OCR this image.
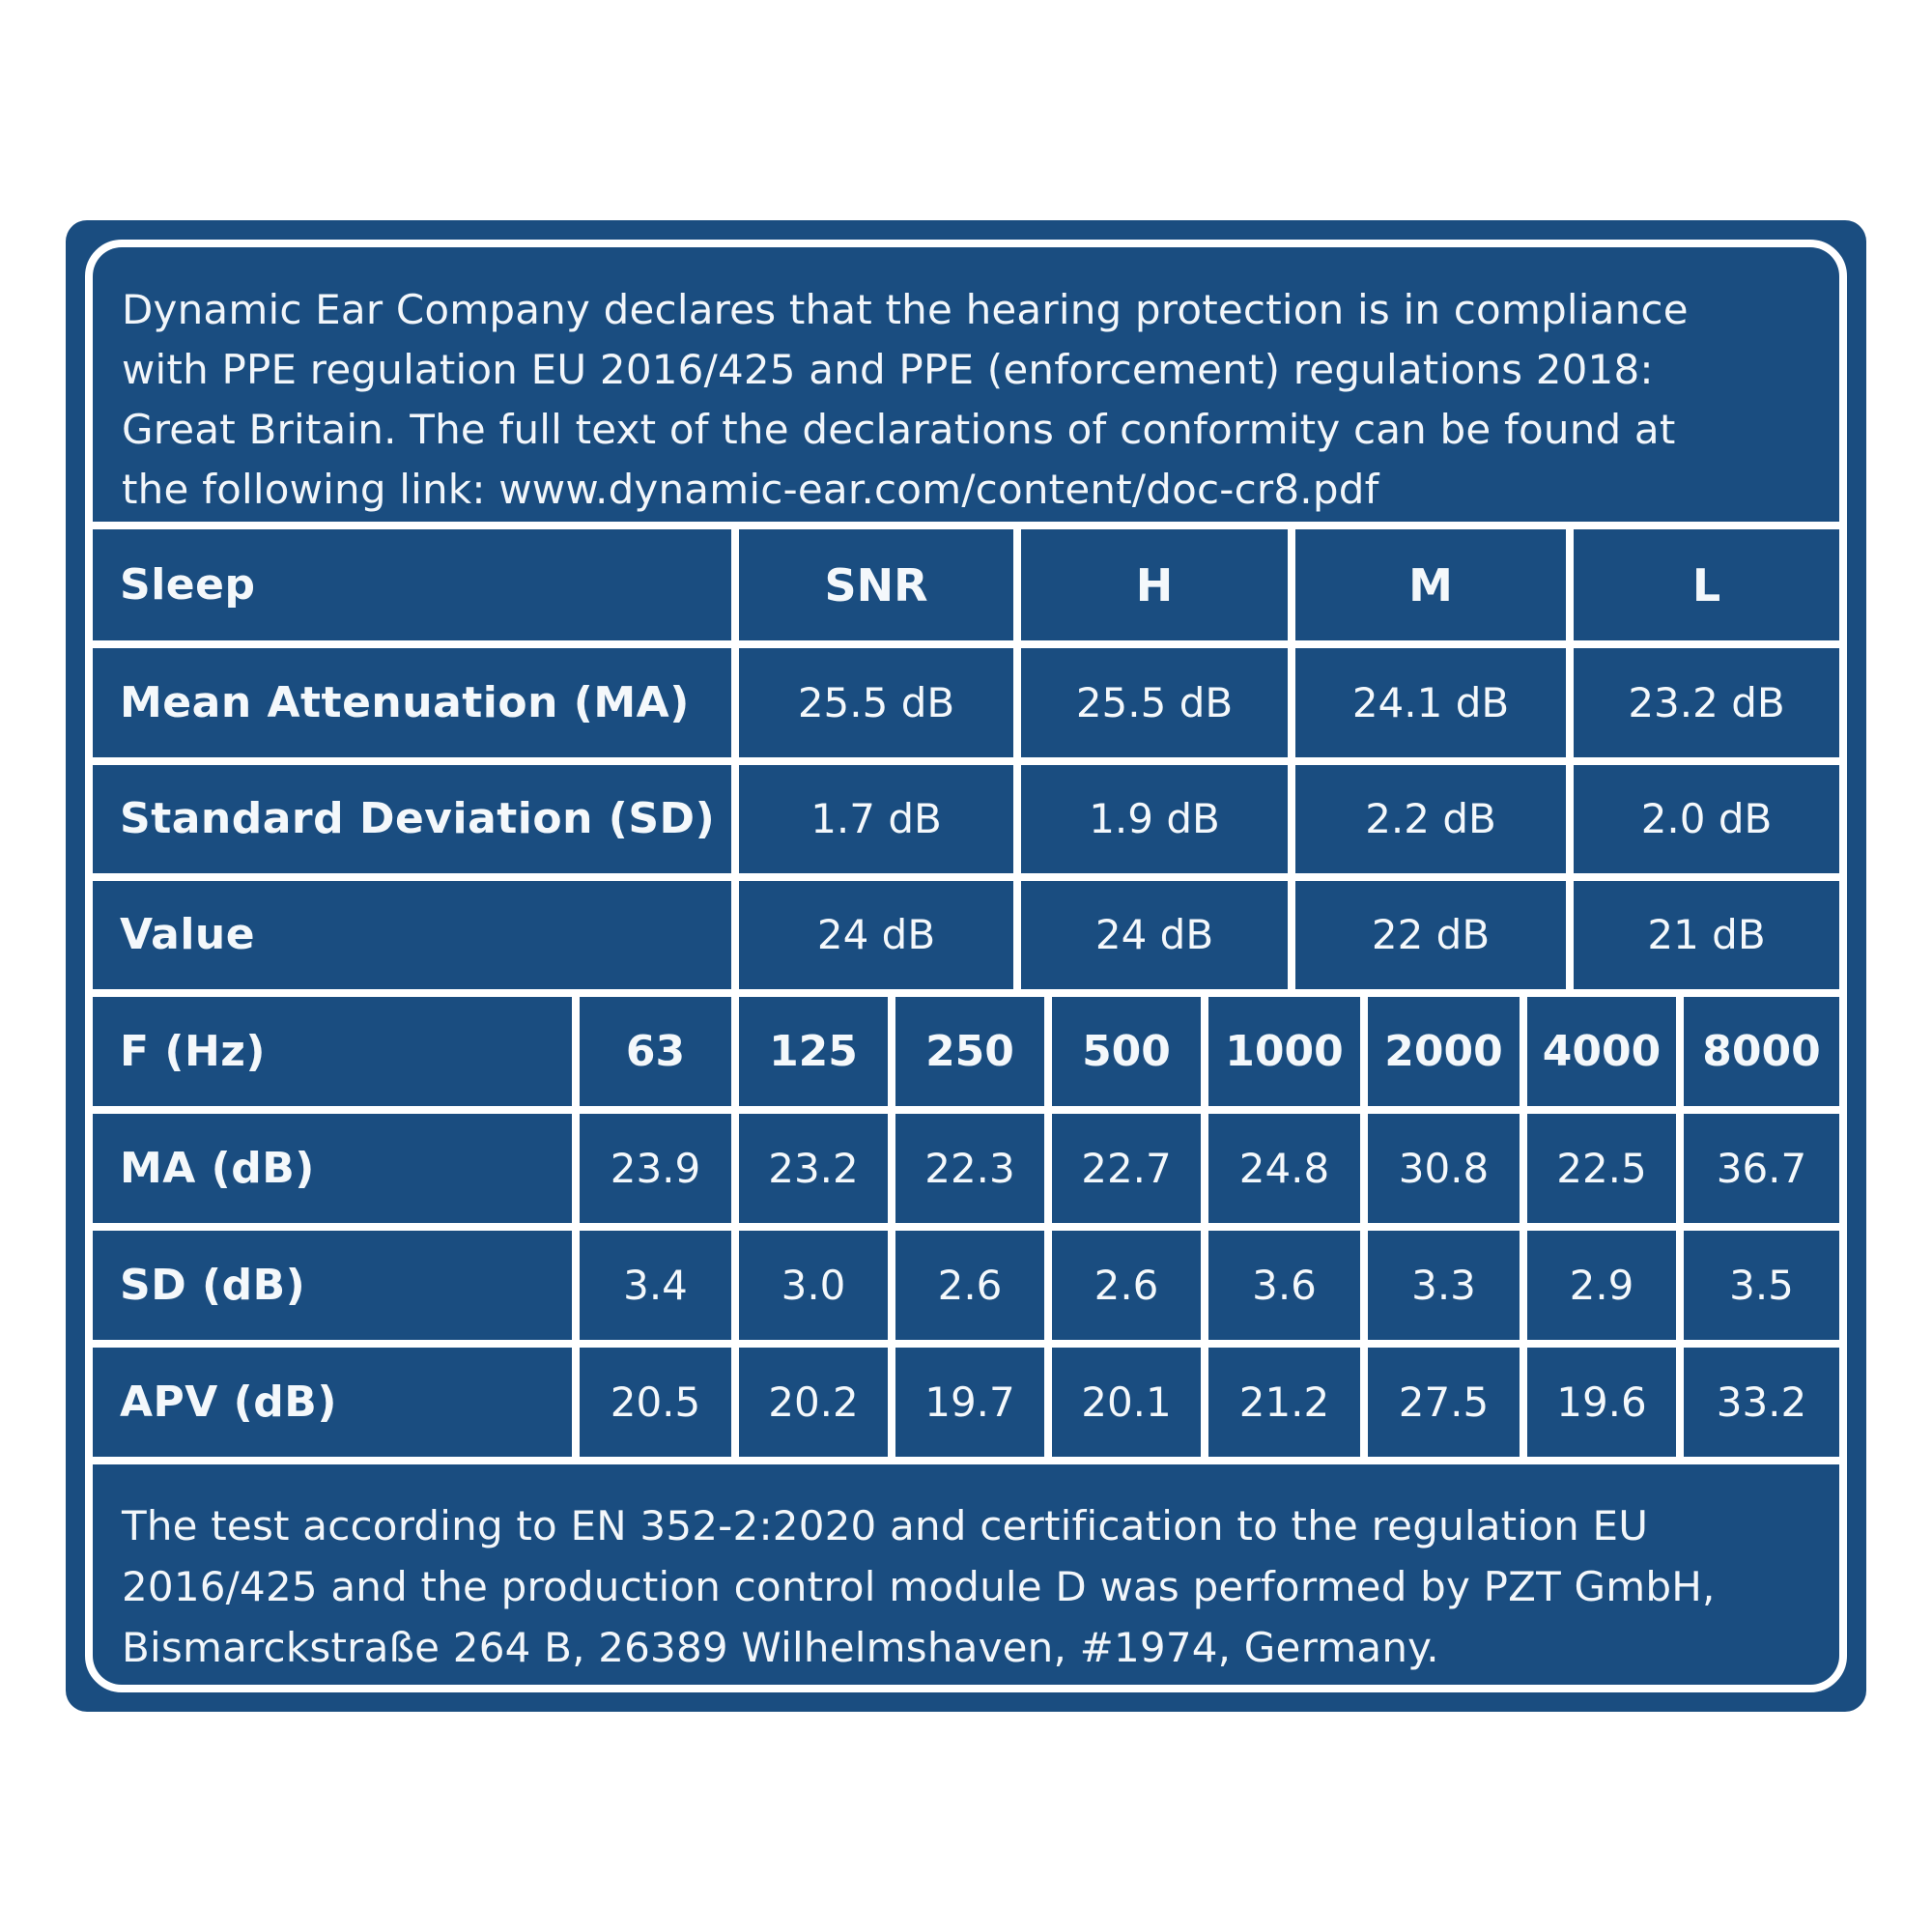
Dynamic Ear Company declares that the hearing protection is in compliance
with PPE regulation EU 2016/425 and PPE (enforcement) regulations 2018:
Great Britain. The full text of the declarations of conformity can be found at
the following link: www.dynamic-ear.com/content/doc-cr8.pdf
Sleep	SNR	H	M	L
Mean Attenuation (MA)	25.5 dB	25.5 dB	24.1 dB	23.2 dB
Standard Deviation (SD)	1.7 dB	1.9 dB	2.2 dB	2.0 dB
Value	24 dB	24 dB	22 dB	21 dB
F (Hz)	63	125	250	500	1000 2000 4000 8000
MA (dB)	23.9	23.2	22.3	22.7	24.8	30.8	22.5	36.7
SD (dB)	3.4	3.0	2.6	2.6	3.6	3.3	2.9	3.5
APV (dB)	20.5	20.2	19.7	20.1	21.2	27.5	19.6	33.2
The test according to EN 352-2:2020 and certification to the regulation EU
2016/425 and the production control module D was performed by PZT GmbH,
Bismarckstraße 264 B, 26389 Wilhelmshaven, #1974, Germany.
